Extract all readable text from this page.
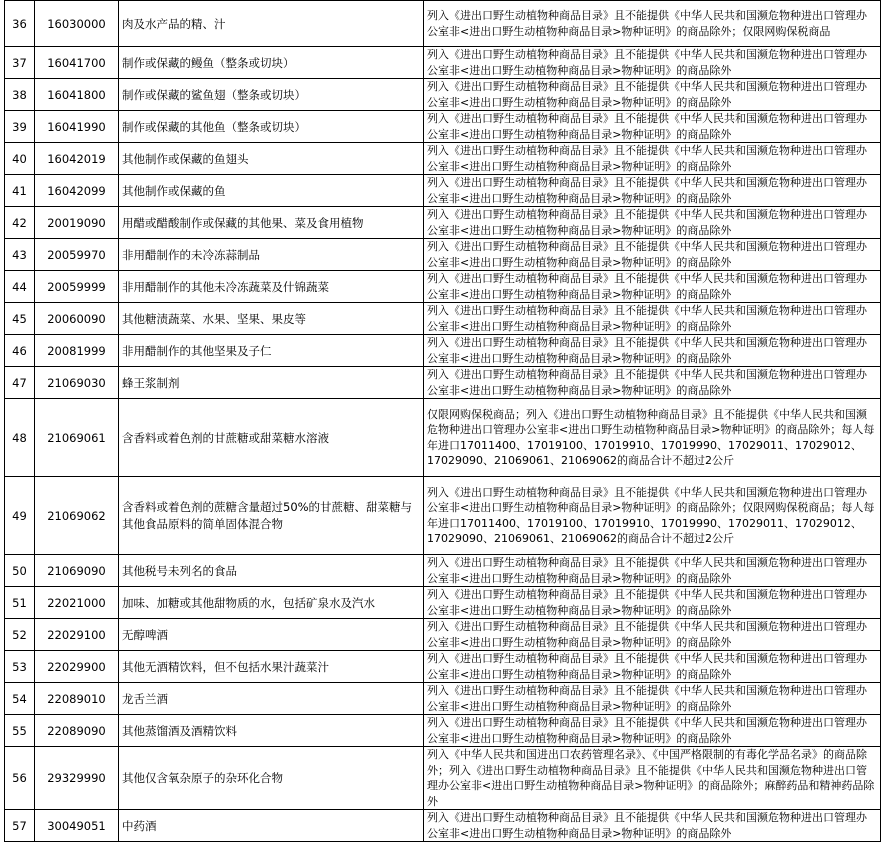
36	16030000	肉及水产品的精、汁	列入《进出口野生动植物种商品目录》且不能提供《中华人民共和国濒危物种进出口管理办公室非<进出口野生动植物种商品目录>物种证明》的商品除外；仅限网购保税商品
37	16041700	制作或保藏的鳗鱼（整条或切块）	列入《进出口野生动植物种商品目录》且不能提供《中华人民共和国濒危物种进出口管理办公室非<进出口野生动植物种商品目录>物种证明》的商品除外
38	16041800	制作或保藏的鲨鱼翅（整条或切块）	列入《进出口野生动植物种商品目录》且不能提供《中华人民共和国濒危物种进出口管理办公室非<进出口野生动植物种商品目录>物种证明》的商品除外
39	16041990	制作或保藏的其他鱼（整条或切块）	列入《进出口野生动植物种商品目录》且不能提供《中华人民共和国濒危物种进出口管理办公室非<进出口野生动植物种商品目录>物种证明》的商品除外
40	16042019	其他制作或保藏的鱼翅头	列入《进出口野生动植物种商品目录》且不能提供《中华人民共和国濒危物种进出口管理办公室非<进出口野生动植物种商品目录>物种证明》的商品除外
41	16042099	其他制作或保藏的鱼	列入《进出口野生动植物种商品目录》且不能提供《中华人民共和国濒危物种进出口管理办公室非<进出口野生动植物种商品目录>物种证明》的商品除外
42	20019090	用醋或醋酸制作或保藏的其他果、菜及食用植物	列入《进出口野生动植物种商品目录》且不能提供《中华人民共和国濒危物种进出口管理办公室非<进出口野生动植物种商品目录>物种证明》的商品除外
43	20059970	非用醋制作的未冷冻蒜制品	列入《进出口野生动植物种商品目录》且不能提供《中华人民共和国濒危物种进出口管理办公室非<进出口野生动植物种商品目录>物种证明》的商品除外
44	20059999	非用醋制作的其他未冷冻蔬菜及什锦蔬菜	列入《进出口野生动植物种商品目录》且不能提供《中华人民共和国濒危物种进出口管理办公室非<进出口野生动植物种商品目录>物种证明》的商品除外
45	20060090	其他糖渍蔬菜、水果、坚果、果皮等	列入《进出口野生动植物种商品目录》且不能提供《中华人民共和国濒危物种进出口管理办公室非<进出口野生动植物种商品目录>物种证明》的商品除外
46	20081999	非用醋制作的其他坚果及子仁	列入《进出口野生动植物种商品目录》且不能提供《中华人民共和国濒危物种进出口管理办公室非<进出口野生动植物种商品目录>物种证明》的商品除外
47	21069030	蜂王浆制剂	列入《进出口野生动植物种商品目录》且不能提供《中华人民共和国濒危物种进出口管理办公室非<进出口野生动植物种商品目录>物种证明》的商品除外
48	21069061	含香料或着色剂的甘蔗糖或甜菜糖水溶液	仅限网购保税商品；列入《进出口野生动植物种商品目录》且不能提供《中华人民共和国濒危物种进出口管理办公室非<进出口野生动植物种商品目录>物种证明》的商品除外；每人每年进口17011400、17019100、17019910、17019990、17029011、17029012、17029090、21069061、21069062的商品合计不超过2公斤
49	21069062	含香料或着色剂的蔗糖含量超过50%的甘蔗糖、甜菜糖与其他食品原料的简单固体混合物	列入《进出口野生动植物种商品目录》且不能提供《中华人民共和国濒危物种进出口管理办公室非<进出口野生动植物种商品目录>物种证明》的商品除外；仅限网购保税商品；每人每年进口17011400、17019100、17019910、17019990、17029011、17029012、17029090、21069061、21069062的商品合计不超过2公斤
50	21069090	其他税号未列名的食品	列入《进出口野生动植物种商品目录》且不能提供《中华人民共和国濒危物种进出口管理办公室非<进出口野生动植物种商品目录>物种证明》的商品除外
51	22021000	加味、加糖或其他甜物质的水，包括矿泉水及汽水	列入《进出口野生动植物种商品目录》且不能提供《中华人民共和国濒危物种进出口管理办公室非<进出口野生动植物种商品目录>物种证明》的商品除外
52	22029100	无醇啤酒	列入《进出口野生动植物种商品目录》且不能提供《中华人民共和国濒危物种进出口管理办公室非<进出口野生动植物种商品目录>物种证明》的商品除外
53	22029900	其他无酒精饮料，但不包括水果汁蔬菜汁	列入《进出口野生动植物种商品目录》且不能提供《中华人民共和国濒危物种进出口管理办公室非<进出口野生动植物种商品目录>物种证明》的商品除外
54	22089010	龙舌兰酒	列入《进出口野生动植物种商品目录》且不能提供《中华人民共和国濒危物种进出口管理办公室非<进出口野生动植物种商品目录>物种证明》的商品除外
55	22089090	其他蒸馏酒及酒精饮料	列入《进出口野生动植物种商品目录》且不能提供《中华人民共和国濒危物种进出口管理办公室非<进出口野生动植物种商品目录>物种证明》的商品除外
56	29329990	其他仅含氧杂原子的杂环化合物	列入《中华人民共和国进出口农药管理名录》、《中国严格限制的有毒化学品名录》的商品除外；列入《进出口野生动植物种商品目录》且不能提供《中华人民共和国濒危物种进出口管理办公室非<进出口野生动植物种商品目录>物种证明》的商品除外；麻醉药品和精神药品除外
57	30049051	中药酒	列入《进出口野生动植物种商品目录》且不能提供《中华人民共和国濒危物种进出口管理办公室非<进出口野生动植物种商品目录>物种证明》的商品除外
